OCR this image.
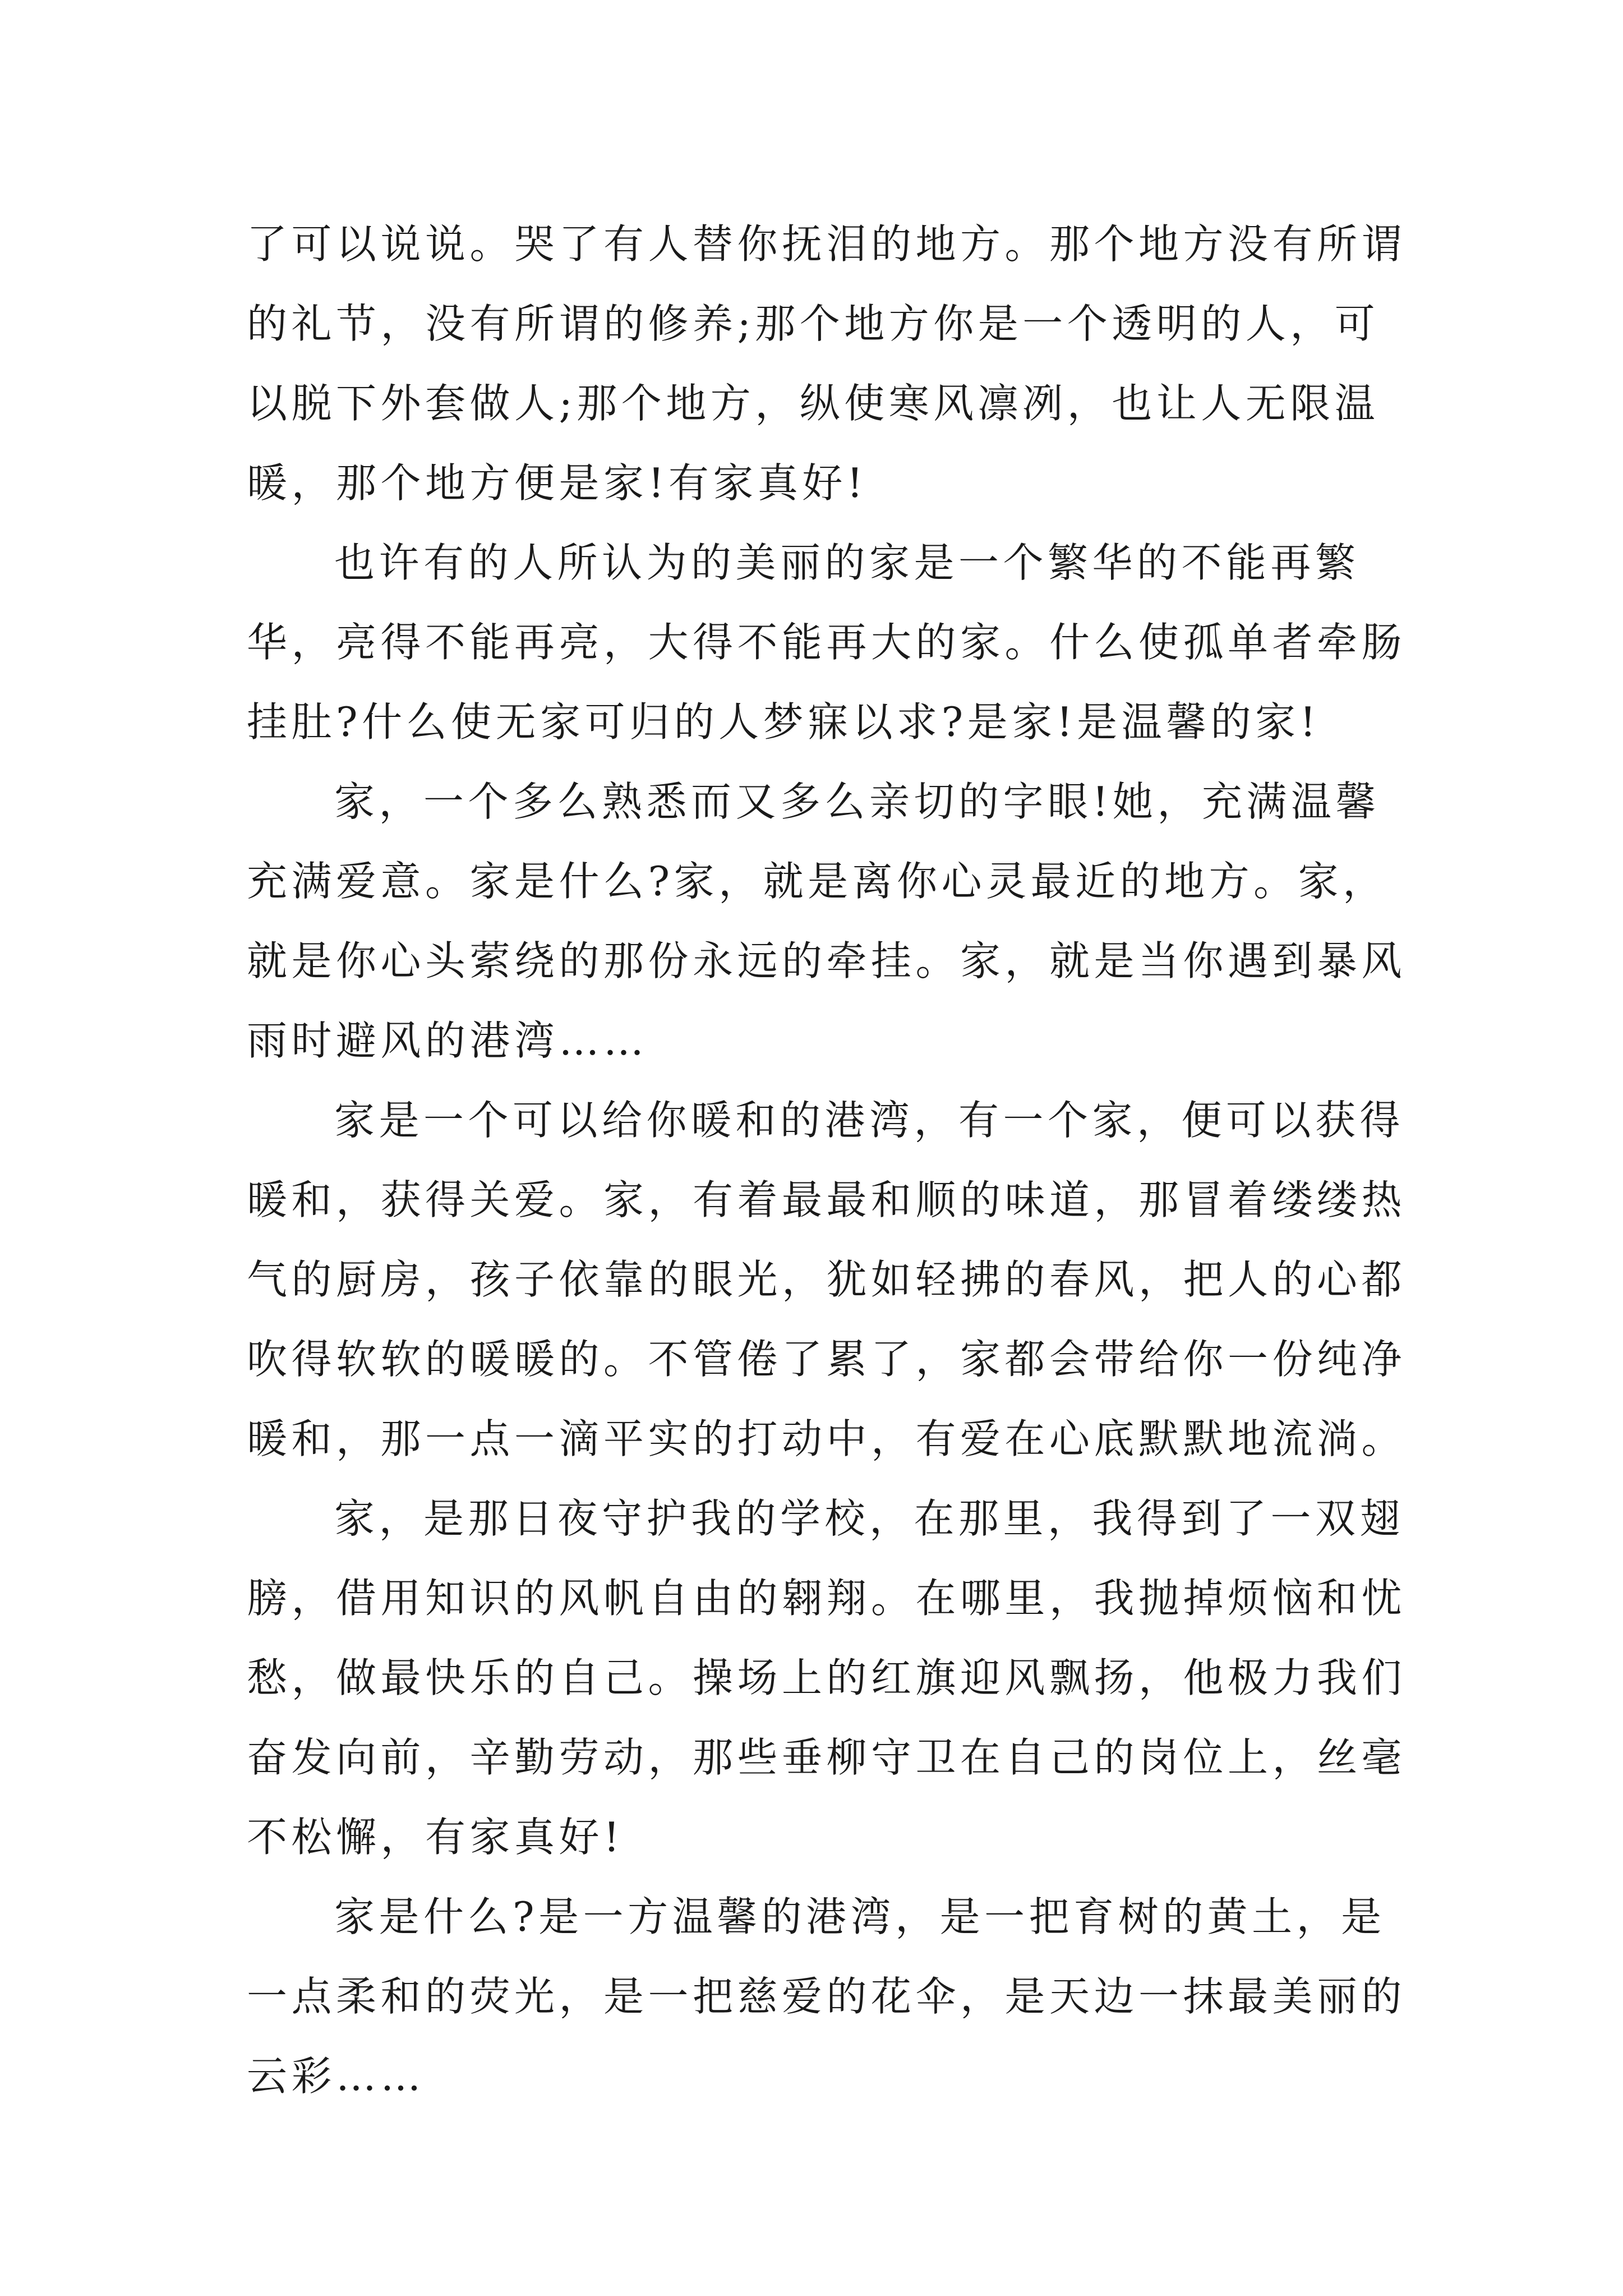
了可以说说。哭了有人替你抚泪的地方。那个地方没有所谓
的礼节，没有所谓的修养;那个地方你是一个透明的人，可
以脱下外套做人;那个地方，纵使寒风凛冽，也让人无限温
暖，那个地方便是家!有家真好!
也许有的人所认为的美丽的家是一个繁华的不能再繁
华，亮得不能再亮，大得不能再大的家。什么使孤单者牵肠
挂肚?什么使无家可归的人梦寐以求?是家!是温馨的家!
家，一个多么熟悉而又多么亲切的字眼!她，充满温馨
充满爱意。家是什么?家，就是离你心灵最近的地方。家，
就是你心头萦绕的那份永远的牵挂。家，就是当你遇到暴风
雨时避风的港湾……
家是一个可以给你暖和的港湾，有一个家，便可以获得
暖和，获得关爱。家，有着最最和顺的味道，那冒着缕缕热
气的厨房，孩子依靠的眼光，犹如轻拂的春风，把人的心都
吹得软软的暖暖的。不管倦了累了，家都会带给你一份纯净
暖和，那一点一滴平实的打动中，有爱在心底默默地流淌。
家，是那日夜守护我的学校，在那里，我得到了一双翅
膀，借用知识的风帆自由的翱翔。在哪里，我抛掉烦恼和忧
愁，做最快乐的自己。操场上的红旗迎风飘扬，他极力我们
奋发向前，辛勤劳动，那些垂柳守卫在自己的岗位上，丝毫
不松懈，有家真好!
家是什么?是一方温馨的港湾，是一把育树的黄土，是
一点柔和的荧光，是一把慈爱的花伞，是天边一抹最美丽的
云彩……
